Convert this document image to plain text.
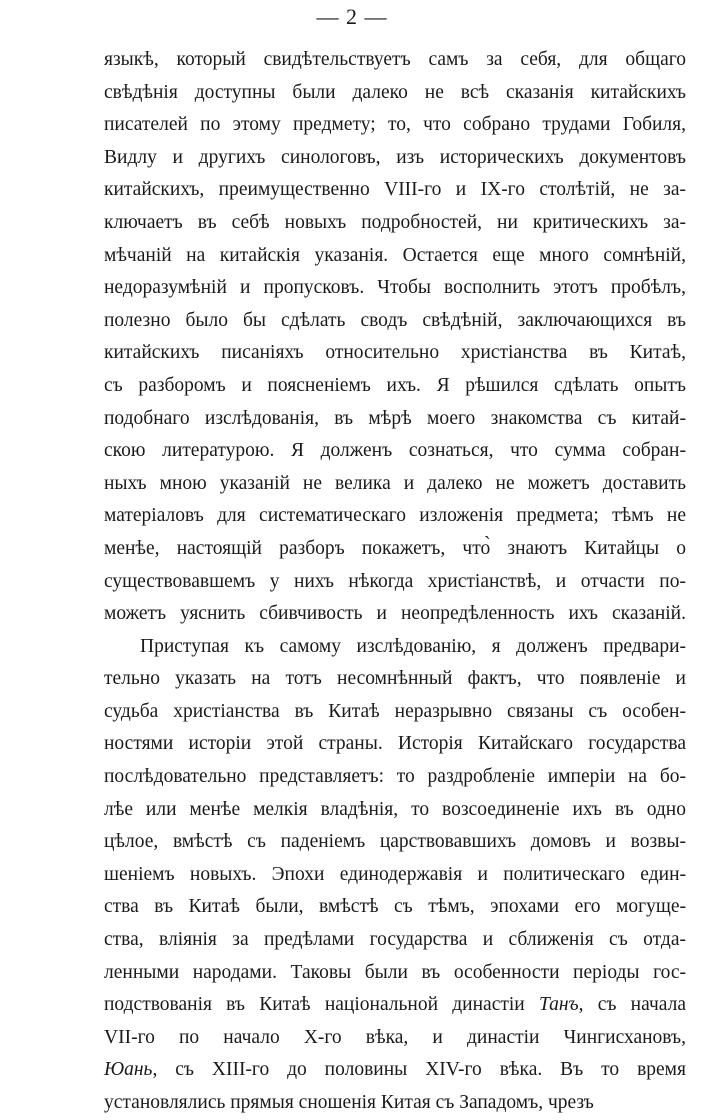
— 2 —
языкѣ, который свидѣтельствуетъ самъ за себя, для общаго
свѣдѣнія доступны были далеко не всѣ сказанія китайскихъ
писателей по этому предмету; то, что собрано трудами Гобиля,
Видлу и другихъ синологовъ, изъ историческихъ документовъ
китайскихъ, преимущественно VIII-го и IX-го столѣтій, не за-
ключаетъ въ себѣ новыхъ подробностей, ни критическихъ за-
мѣчаній на китайскія указанія. Остается еще много сомнѣній,
недоразумѣній и пропусковъ. Чтобы восполнить этотъ пробѣлъ,
полезно было бы сдѣлать сводъ свѣдѣній, заключающихся въ
китайскихъ писаніяхъ относительно христіанства въ Китаѣ,
съ разборомъ и поясненіемъ ихъ. Я рѣшился сдѣлать опытъ
подобнаго изслѣдованія, въ мѣрѣ моего знакомства съ китай-
скою литературою. Я долженъ сознаться, что сумма собран-
ныхъ мною указаній не велика и далеко не можетъ доставить
матеріаловъ для систематическаго изложенія предмета; тѣмъ не
менѣе, настоящій разборъ покажетъ, что̀ знаютъ Китайцы о
существовавшемъ у нихъ нѣкогда христіанствѣ, и отчасти по-
можетъ уяснить сбивчивость и неопредѣленность ихъ сказаній.
Приступая къ самому изслѣдованію, я долженъ предвари-
тельно указать на тотъ несомнѣнный фактъ, что появленіе и
судьба христіанства въ Китаѣ неразрывно связаны съ особен-
ностями исторіи этой страны. Исторія Китайскаго государства
послѣдовательно представляетъ: то раздробленіе имперіи на бо-
лѣе или менѣе мелкія владѣнія, то возсоединеніе ихъ въ одно
цѣлое, вмѣстѣ съ паденіемъ царствовавшихъ домовъ и возвы-
шеніемъ новыхъ. Эпохи единодержавія и политическаго един-
ства въ Китаѣ были, вмѣстѣ съ тѣмъ, эпохами его могуще-
ства, вліянія за предѣлами государства и сближенія съ отда-
ленными народами. Таковы были въ особенности періоды гос-
подствованія въ Китаѣ національной династіи Танъ, съ начала
VII-го по начало X-го вѣка, и династіи Чингисхановъ,
Юань, съ XIII-го до половины XIV-го вѣка. Въ то время
установлялись прямыя сношенія Китая съ Западомъ, чрезъ
